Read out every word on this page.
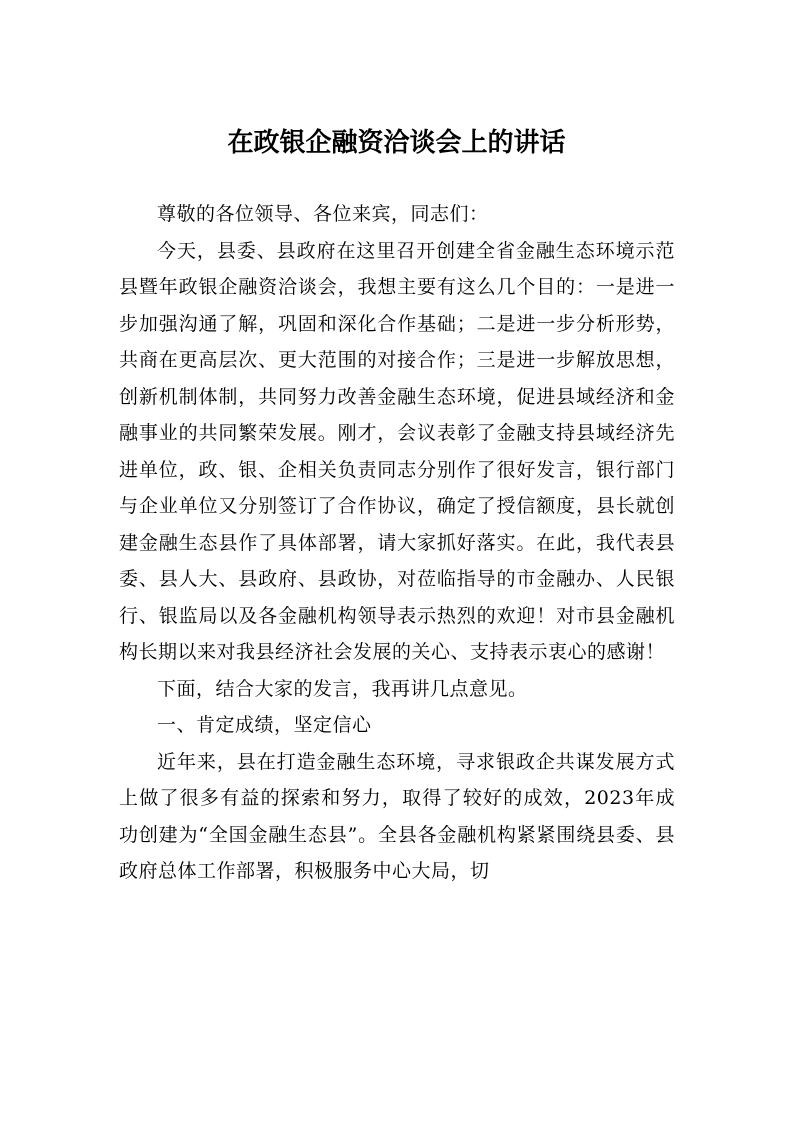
在政银企融资洽谈会上的讲话

尊敬的各位领导、各位来宾，同志们：

今天，县委、县政府在这里召开创建全省金融生态环境示范县暨年政银企融资洽谈会，我想主要有这么几个目的：一是进一步加强沟通了解，巩固和深化合作基础；二是进一步分析形势，共商在更高层次、更大范围的对接合作；三是进一步解放思想，创新机制体制，共同努力改善金融生态环境，促进县域经济和金融事业的共同繁荣发展。刚才，会议表彰了金融支持县域经济先进单位，政、银、企相关负责同志分别作了很好发言，银行部门与企业单位又分别签订了合作协议，确定了授信额度，县长就创建金融生态县作了具体部署，请大家抓好落实。在此，我代表县委、县人大、县政府、县政协，对莅临指导的市金融办、人民银行、银监局以及各金融机构领导表示热烈的欢迎！对市县金融机构长期以来对我县经济社会发展的关心、支持表示衷心的感谢！

下面，结合大家的发言，我再讲几点意见。

一、肯定成绩，坚定信心

近年来，县在打造金融生态环境，寻求银政企共谋发展方式上做了很多有益的探索和努力，取得了较好的成效，2023年成功创建为“全国金融生态县”。全县各金融机构紧紧围绕县委、县政府总体工作部署，积极服务中心大局，切
